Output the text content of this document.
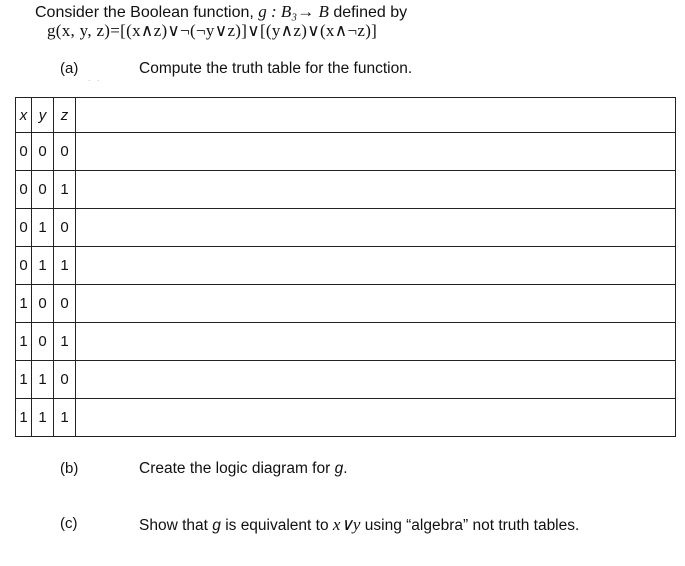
Consider the Boolean function, g : B₃→ B defined by
g(x, y, z)=[(x∧z)∨¬(¬y∨z)]∨[(y∧z)∨(x∧¬z)]
(a)
. .
Compute the truth table for the function.
x	y	z	
0	0	0	
0	0	1	
0	1	0	
0	1	1	
1	0	0	
1	0	1	
1	1	0	
1	1	1	
(b)	Create the logic diagram for g.
(c)	Show that g is equivalent to x∨y using “algebra” not truth tables.
